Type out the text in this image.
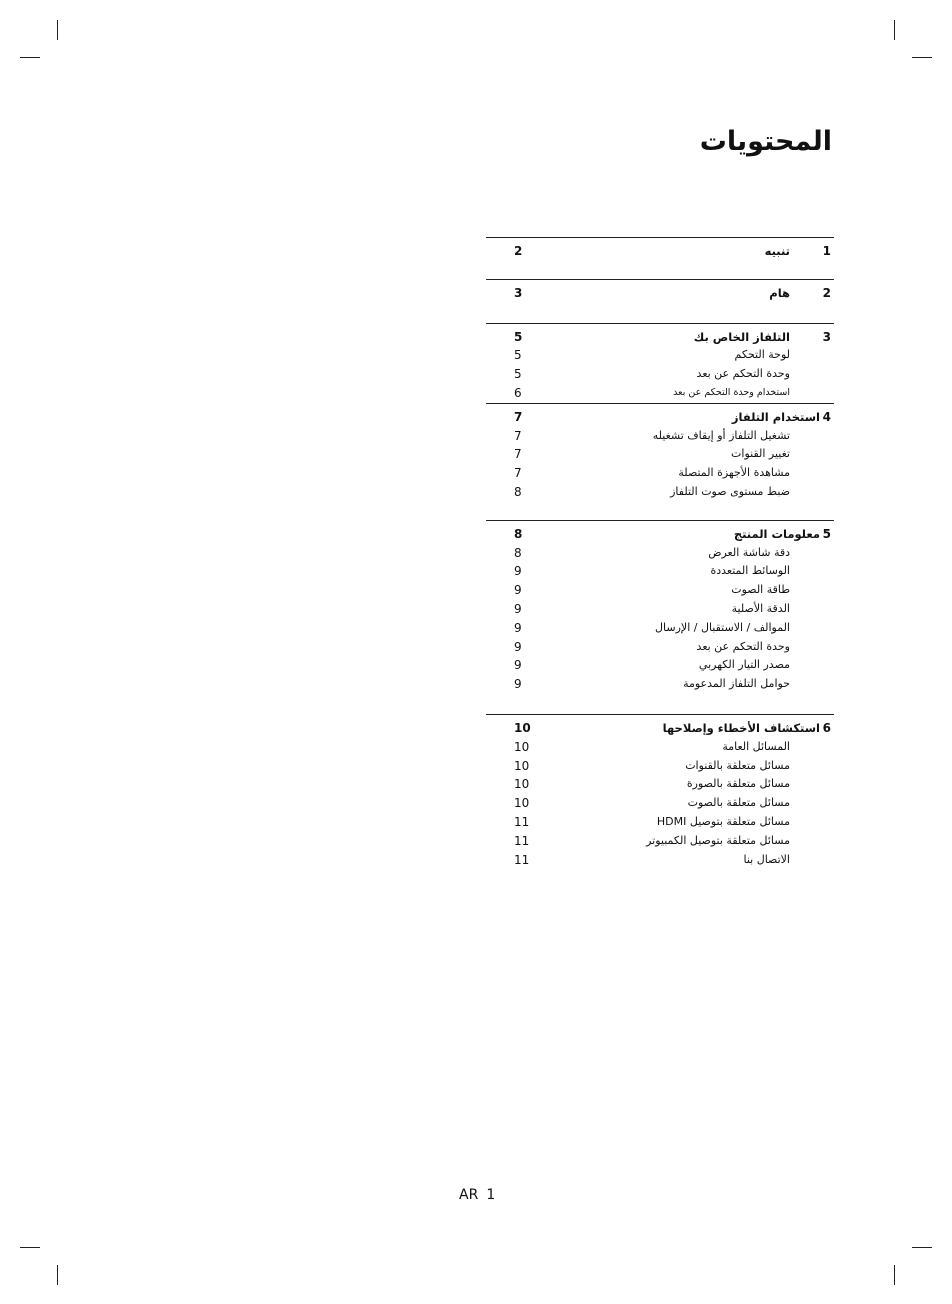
المحتويات
2	تنبيه	1
3	هام	2
5	التلفاز الخاص بك	3
5	لوحة التحكم
5	وحدة التحكم عن بعد
6	استخدام وحدة التحكم عن بعد
7	استخدام التلفاز 4
7	تشغيل التلفاز أو إيقاف تشغيله
7	تغيير القنوات
7	مشاهدة الأجهزة المتصلة
8	ضبط مستوى صوت التلفاز
8	معلومات المنتج 5
8	دقة شاشة العرض
9	الوسائط المتعددة
9	طاقة الصوت
9	الدقة الأصلية
9	الموالف / الاستقبال / الإرسال
9	وحدة التحكم عن بعد
9	مصدر التيار الكهربي
9	حوامل التلفاز المدعومة
10	استكشاف الأخطاء وإصلاحها 6
10	المسائل العامة
10	مسائل متعلقة بالقنوات
10	مسائل متعلقة بالصورة
10	مسائل متعلقة بالصوت
11	مسائل متعلقة بتوصيل HDMI
11	مسائل متعلقة بتوصيل الكمبيوتر
11	الاتصال بنا
AR 1
